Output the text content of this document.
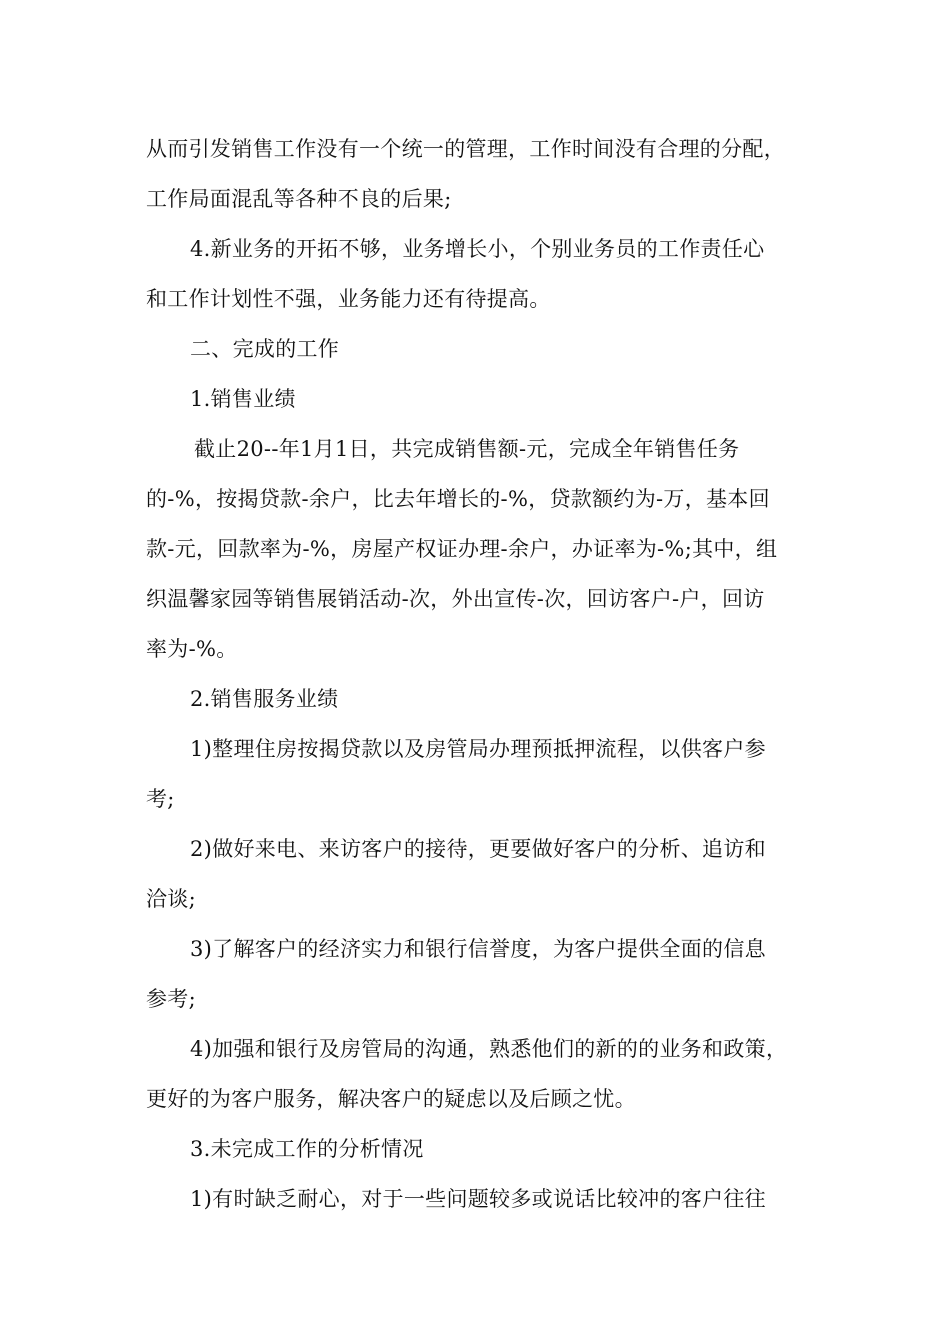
从而引发销售工作没有一个统一的管理，工作时间没有合理的分配，
工作局面混乱等各种不良的后果;
4.新业务的开拓不够，业务增长小，个别业务员的工作责任心
和工作计划性不强，业务能力还有待提高。
二、完成的工作
1.销售业绩
截止20--年1月1日，共完成销售额-元，完成全年销售任务
的-%，按揭贷款-余户，比去年增长的-%，贷款额约为-万，基本回
款-元，回款率为-%，房屋产权证办理-余户，办证率为-%;其中，组
织温馨家园等销售展销活动-次，外出宣传-次，回访客户-户，回访
率为-%。
2.销售服务业绩
1)整理住房按揭贷款以及房管局办理预抵押流程，以供客户参
考;
2)做好来电、来访客户的接待，更要做好客户的分析、追访和
洽谈;
3)了解客户的经济实力和银行信誉度，为客户提供全面的信息
参考;
4)加强和银行及房管局的沟通，熟悉他们的新的的业务和政策，
更好的为客户服务，解决客户的疑虑以及后顾之忧。
3.未完成工作的分析情况
1)有时缺乏耐心，对于一些问题较多或说话比较冲的客户往往
